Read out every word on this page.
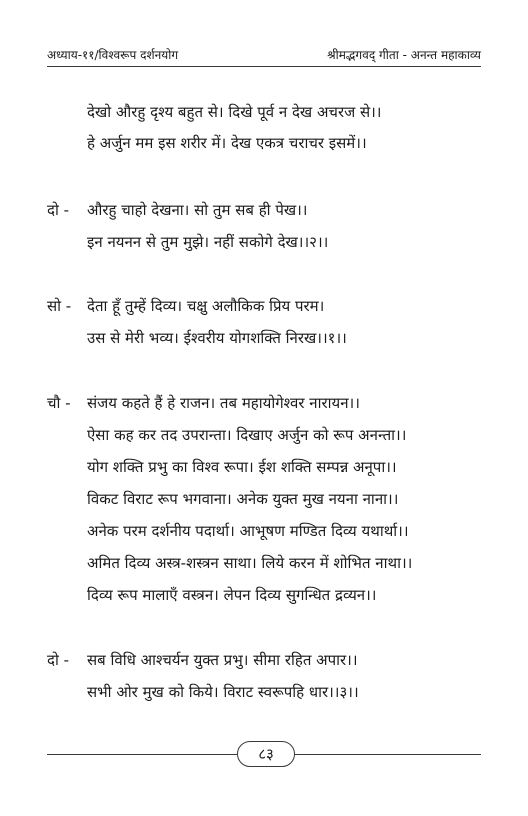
अध्याय-११/विश्वरूप दर्शनयोग	श्रीमद्भगवद् गीता - अनन्त महाकाव्य
देखो औरहु दृश्य बहुत से। दिखे पूर्व न देख अचरज से।।
हे अर्जुन मम इस शरीर में। देख एकत्र चराचर इसमें।।
दो - औरहु चाहो देखना। सो तुम सब ही पेख।।
इन नयनन से तुम मुझे। नहीं सकोगे देख।।२।।
सो - देता हूँ तुम्हें दिव्य। चक्षु अलौकिक प्रिय परम।
उस से मेरी भव्य। ईश्वरीय योगशक्ति निरख।।१।।
चौ - संजय कहते हैं हे राजन। तब महायोगेश्वर नारायन।।
ऐसा कह कर तद उपरान्ता। दिखाए अर्जुन को रूप अनन्ता।।
योग शक्ति प्रभु का विश्व रूपा। ईश शक्ति सम्पन्न अनूपा।।
विकट विराट रूप भगवाना। अनेक युक्त मुख नयना नाना।।
अनेक परम दर्शनीय पदार्था। आभूषण मण्डित दिव्य यथार्था।।
अमित दिव्य अस्त्र-शस्त्रन साथा। लिये करन में शोभित नाथा।।
दिव्य रूप मालाएँ वस्त्रन। लेपन दिव्य सुगन्धित द्रव्यन।।
दो - सब विधि आश्चर्यन युक्त प्रभु। सीमा रहित अपार।।
सभी ओर मुख को किये। विराट स्वरूपहि धार।।३।।
८३
